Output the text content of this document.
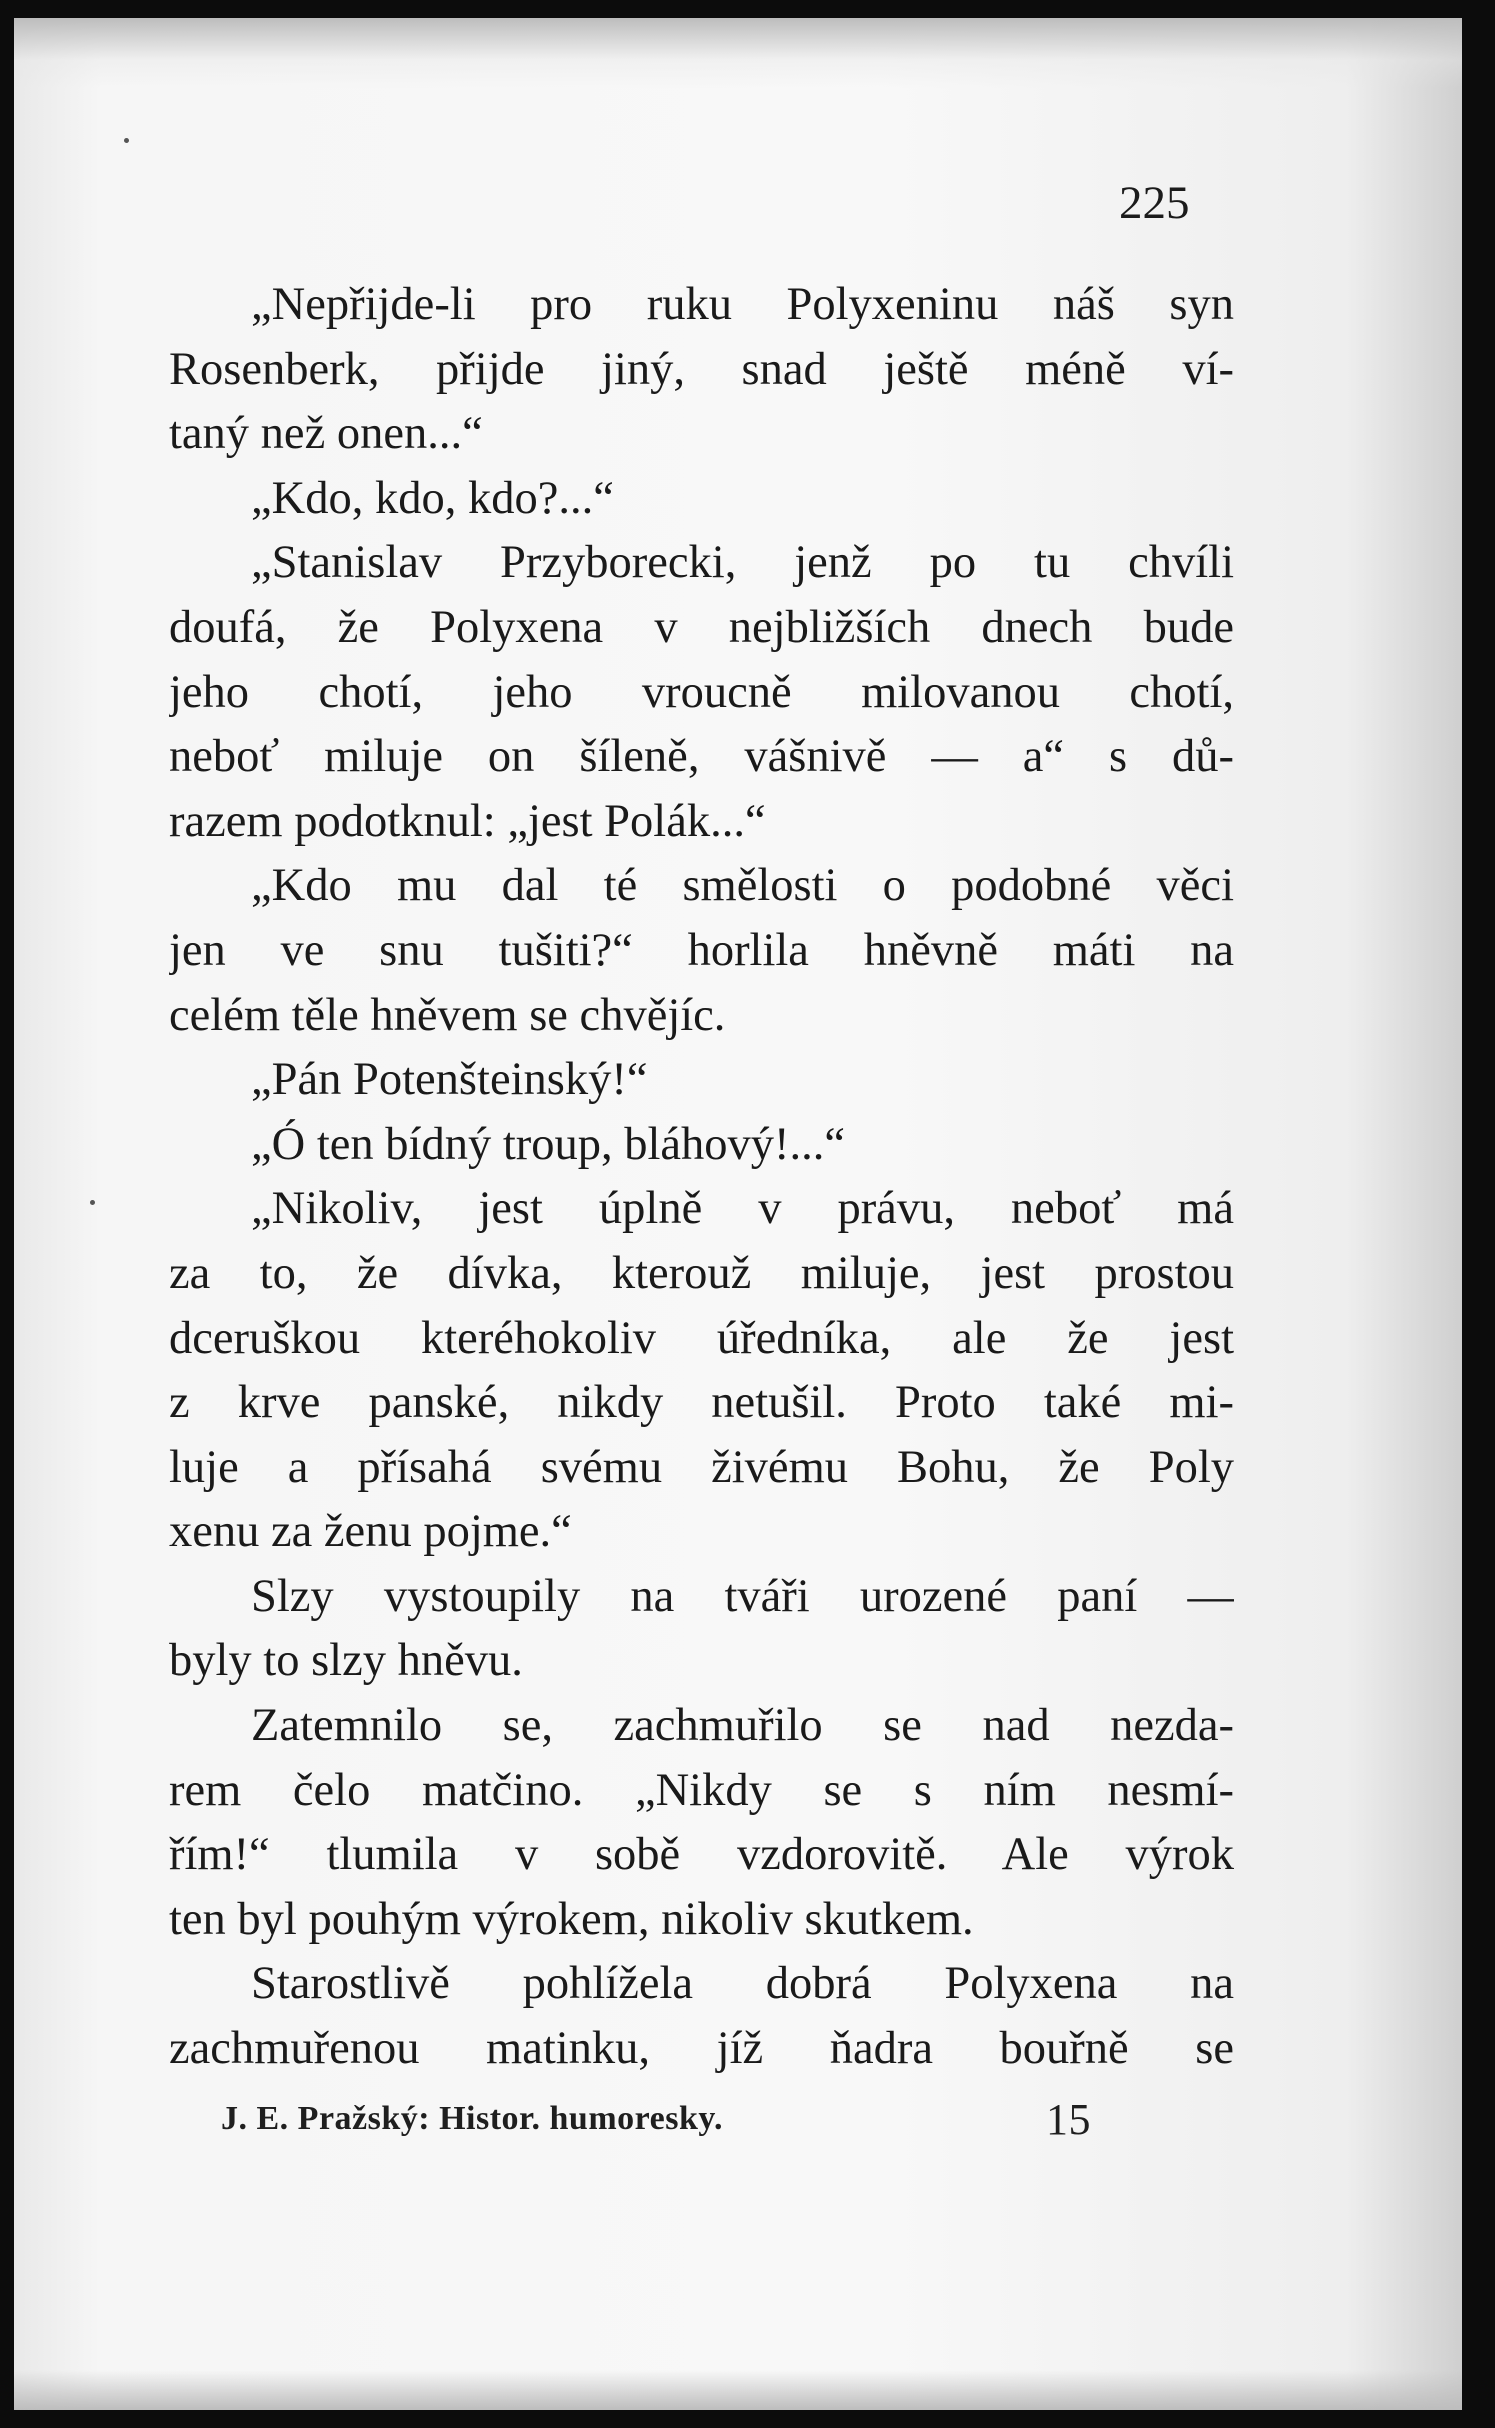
225
„Nepřijde-li pro ruku Polyxeninu náš syn
Rosenberk, přijde jiný, snad ještě méně ví-
taný než onen...“
„Kdo, kdo, kdo?...“
„Stanislav Przyborecki, jenž po tu chvíli
doufá, že Polyxena v nejbližších dnech bude
jeho chotí, jeho vroucně milovanou chotí,
neboť miluje on šíleně, vášnivě — a“ s dů-
razem podotknul: „jest Polák...“
„Kdo mu dal té smělosti o podobné věci
jen ve snu tušiti?“ horlila hněvně máti na
celém těle hněvem se chvějíc.
„Pán Potenšteinský!“
„Ó ten bídný troup, bláhový!...“
„Nikoliv, jest úplně v právu, neboť má
za to, že dívka, kterouž miluje, jest prostou
dceruškou kteréhokoliv úředníka, ale že jest
z krve panské, nikdy netušil. Proto také mi-
luje a přísahá svému živému Bohu, že Poly
xenu za ženu pojme.“
Slzy vystoupily na tváři urozené paní —
byly to slzy hněvu.
Zatemnilo se, zachmuřilo se nad nezda-
rem čelo matčino. „Nikdy se s ním nesmí-
řím!“ tlumila v sobě vzdorovitě. Ale výrok
ten byl pouhým výrokem, nikoliv skutkem.
Starostlivě pohlížela dobrá Polyxena na
zachmuřenou matinku, jíž ňadra bouřně se
J. E. Pražský: Histor. humoresky.	15
